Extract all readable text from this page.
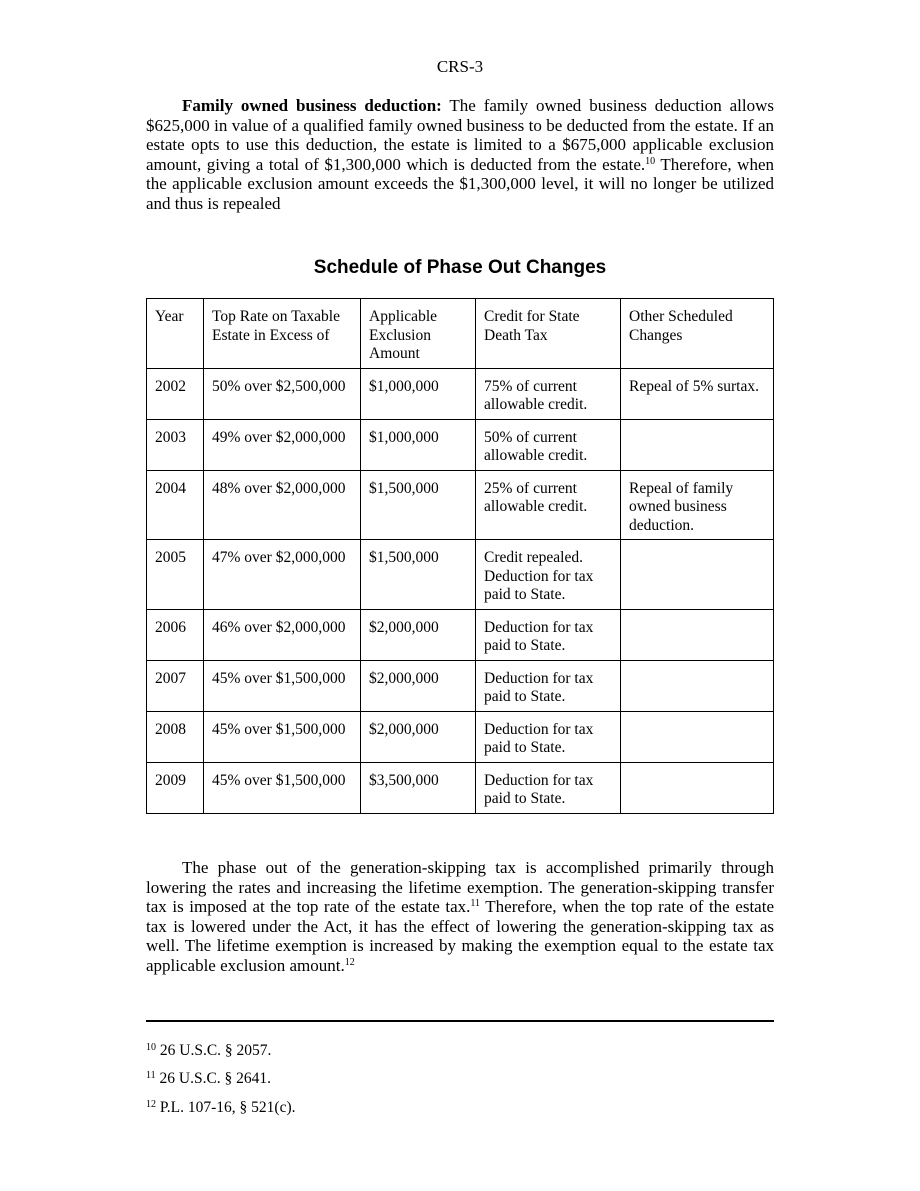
CRS-3

Family owned business deduction: The family owned business deduction allows $625,000 in value of a qualified family owned business to be deducted from the estate. If an estate opts to use this deduction, the estate is limited to a $675,000 applicable exclusion amount, giving a total of $1,300,000 which is deducted from the estate.$^{10}$ Therefore, when the applicable exclusion amount exceeds the $1,300,000 level, it will no longer be utilized and thus is repealed

Schedule of Phase Out Changes
Year	Top Rate on Taxable Estate in Excess of	Applicable Exclusion Amount	Credit for State Death Tax	Other Scheduled Changes
2002	50% over $2,500,000	$1,000,000	75% of current allowable credit.	Repeal of 5% surtax.
2003	49% over $2,000,000	$1,000,000	50% of current allowable credit.	
2004	48% over $2,000,000	$1,500,000	25% of current allowable credit.	Repeal of family owned business deduction.
2005	47% over $2,000,000	$1,500,000	Credit repealed. Deduction for tax paid to State.	
2006	46% over $2,000,000	$2,000,000	Deduction for tax paid to State.	
2007	45% over $1,500,000	$2,000,000	Deduction for tax paid to State.	
2008	45% over $1,500,000	$2,000,000	Deduction for tax paid to State.	
2009	45% over $1,500,000	$3,500,000	Deduction for tax paid to State.	

The phase out of the generation-skipping tax is accomplished primarily through lowering the rates and increasing the lifetime exemption. The generation-skipping transfer tax is imposed at the top rate of the estate tax.$^{11}$ Therefore, when the top rate of the estate tax is lowered under the Act, it has the effect of lowering the generation-skipping tax as well. The lifetime exemption is increased by making the exemption equal to the estate tax applicable exclusion amount.$^{12}$

$^{10}$ 26 U.S.C. § 2057.
$^{11}$ 26 U.S.C. § 2641.
$^{12}$ P.L. 107-16, § 521(c).
